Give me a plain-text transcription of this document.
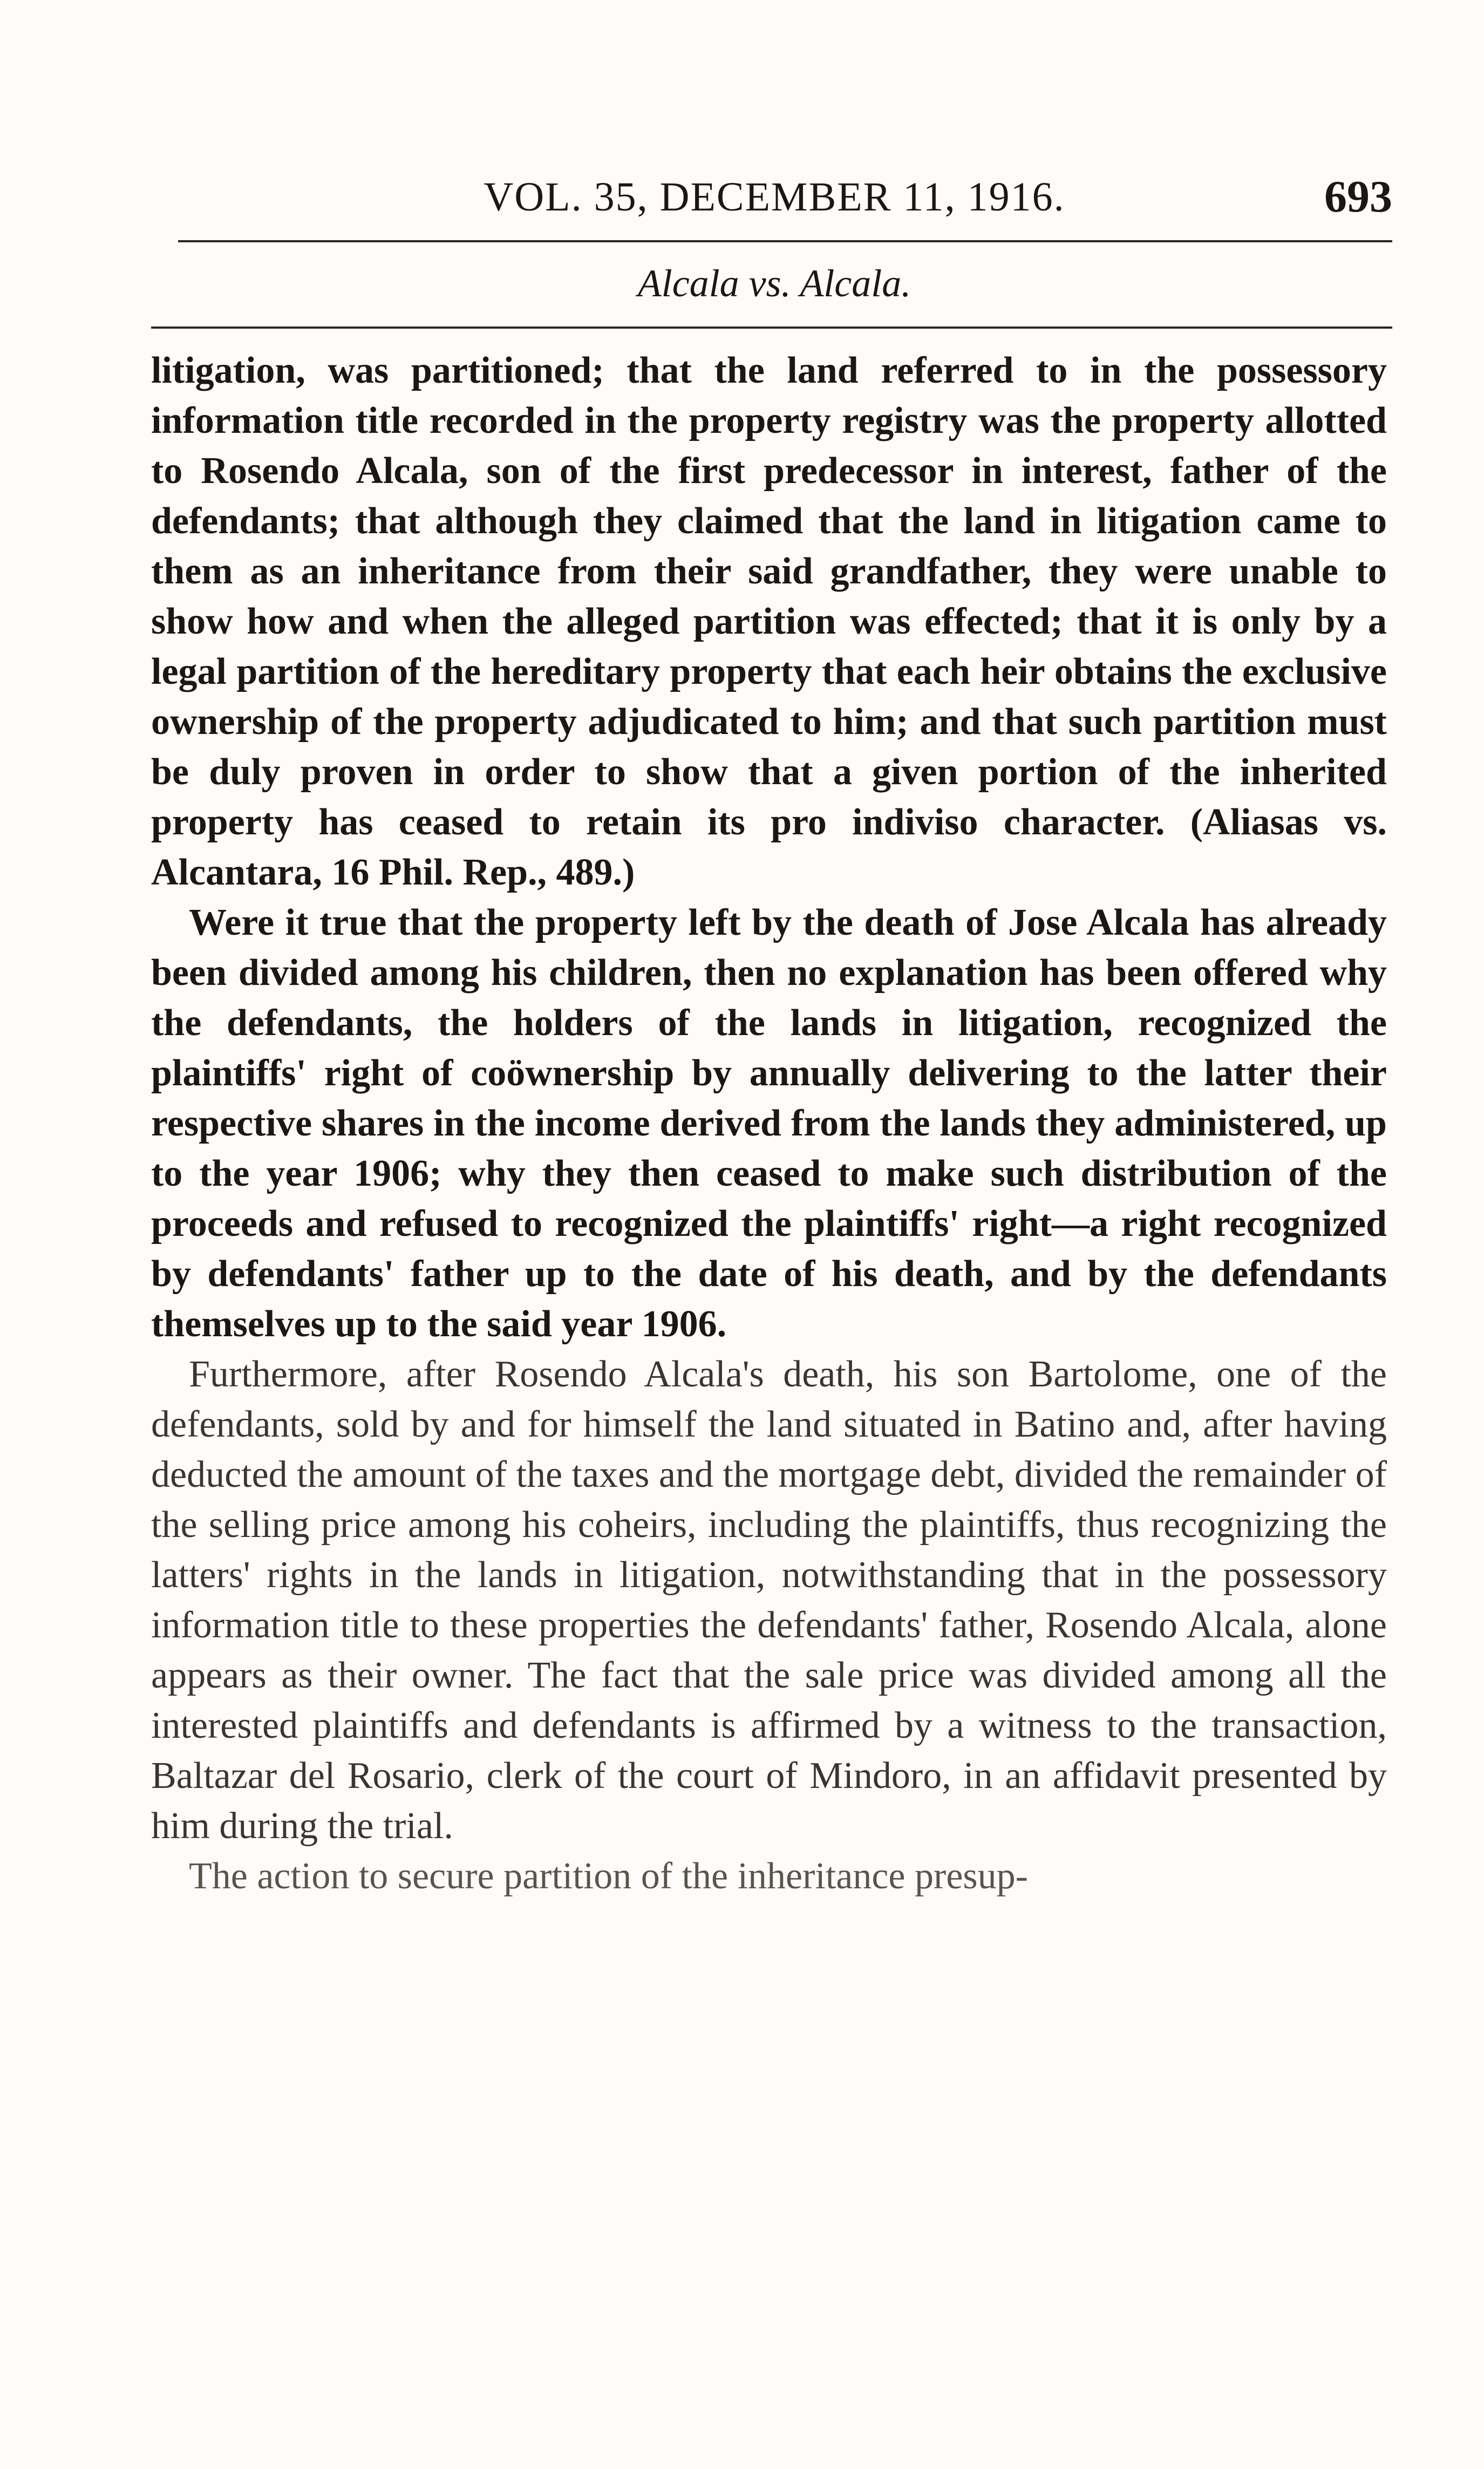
VOL. 35, DECEMBER 11, 1916.	693
Alcala vs. Alcala.

litigation, was partitioned; that the land referred to in the possessory information title recorded in the property registry was the property allotted to Rosendo Alcala, son of the first predecessor in interest, father of the defendants; that although they claimed that the land in litigation came to them as an inheritance from their said grandfather, they were unable to show how and when the alleged partition was effected; that it is only by a legal partition of the hereditary property that each heir obtains the exclusive ownership of the property adjudicated to him; and that such partition must be duly proven in order to show that a given portion of the inherited property has ceased to retain its pro indiviso character. (Aliasas vs. Alcantara, 16 Phil. Rep., 489.)

Were it true that the property left by the death of Jose Alcala has already been divided among his children, then no explanation has been offered why the defendants, the holders of the lands in litigation, recognized the plaintiffs' right of coöwnership by annually delivering to the latter their respective shares in the income derived from the lands they administered, up to the year 1906; why they then ceased to make such distribution of the proceeds and refused to recognized the plaintiffs' right—a right recognized by defendants' father up to the date of his death, and by the defendants themselves up to the said year 1906.

Furthermore, after Rosendo Alcala's death, his son Bartolome, one of the defendants, sold by and for himself the land situated in Batino and, after having deducted the amount of the taxes and the mortgage debt, divided the remainder of the selling price among his coheirs, including the plaintiffs, thus recognizing the latters' rights in the lands in litigation, notwithstanding that in the possessory information title to these properties the defendants' father, Rosendo Alcala, alone appears as their owner. The fact that the sale price was divided among all the interested plaintiffs and defendants is affirmed by a witness to the transaction, Baltazar del Rosario, clerk of the court of Mindoro, in an affidavit presented by him during the trial.

The action to secure partition of the inheritance presup-
